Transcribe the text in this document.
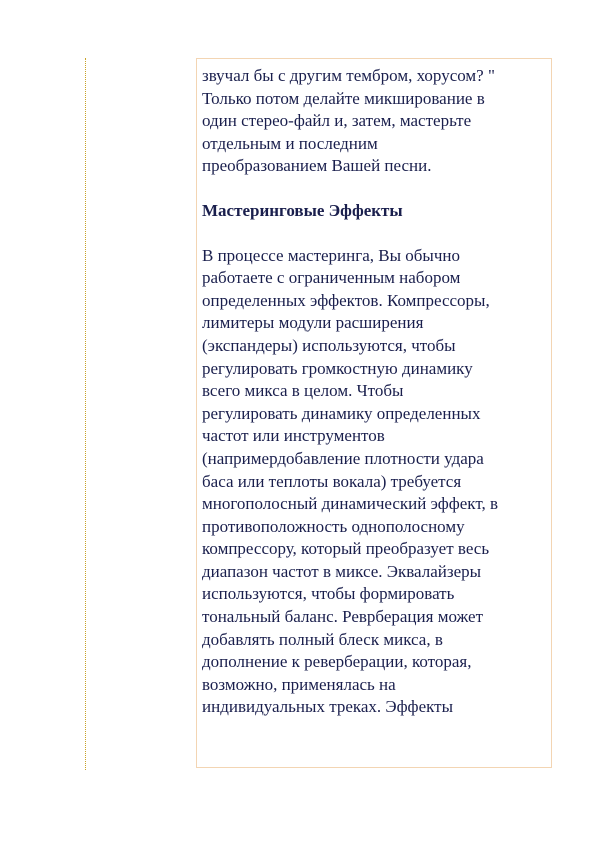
звучал бы с другим тембром, хорусом? "
Только потом делайте микширование в
один стерео-файл и, затем, мастерьте
отдельным и последним
преобразованием Вашей песни.

Мастеринговые Эффекты

В процессе мастеринга, Вы обычно
работаете с ограниченным набором
определенных эффектов. Компрессоры,
лимитеры модули расширения
(экспандеры) используются, чтобы
регулировать громкостную динамику
всего микса в целом. Чтобы
регулировать динамику определенных
частот или инструментов
(напримердобавление плотности удара
баса или теплоты вокала) требуется
многополосный динамический эффект, в
противоположность однополосному
компрессору, который преобразует весь
диапазон частот в миксе. Эквалайзеры
используются, чтобы формировать
тональный баланс. Реврберация может
добавлять полный блеск микса, в
дополнение к реверберации, которая,
возможно, применялась на
индивидуальных треках. Эффекты
